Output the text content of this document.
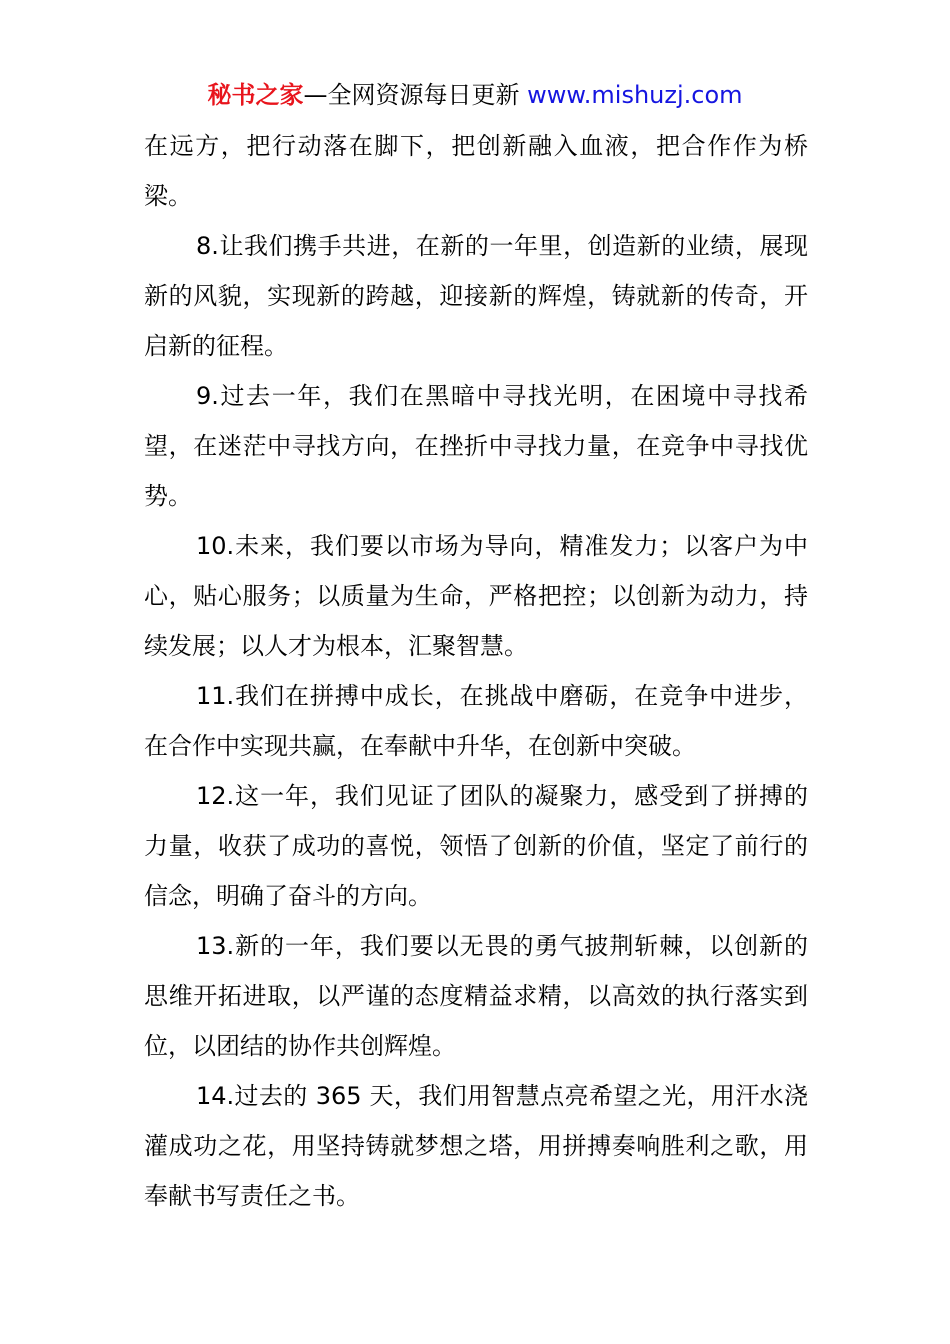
秘书之家—全网资源每日更新 www.mishuzj.com

在远方，把行动落在脚下，把创新融入血液，把合作作为桥梁。

8.让我们携手共进，在新的一年里，创造新的业绩，展现新的风貌，实现新的跨越，迎接新的辉煌，铸就新的传奇，开启新的征程。

9.过去一年，我们在黑暗中寻找光明，在困境中寻找希望，在迷茫中寻找方向，在挫折中寻找力量，在竞争中寻找优势。

10.未来，我们要以市场为导向，精准发力；以客户为中心，贴心服务；以质量为生命，严格把控；以创新为动力，持续发展；以人才为根本，汇聚智慧。

11.我们在拼搏中成长，在挑战中磨砺，在竞争中进步，在合作中实现共赢，在奉献中升华，在创新中突破。

12.这一年，我们见证了团队的凝聚力，感受到了拼搏的力量，收获了成功的喜悦，领悟了创新的价值，坚定了前行的信念，明确了奋斗的方向。

13.新的一年，我们要以无畏的勇气披荆斩棘，以创新的思维开拓进取，以严谨的态度精益求精，以高效的执行落实到位，以团结的协作共创辉煌。

14.过去的 365 天，我们用智慧点亮希望之光，用汗水浇灌成功之花，用坚持铸就梦想之塔，用拼搏奏响胜利之歌，用奉献书写责任之书。
